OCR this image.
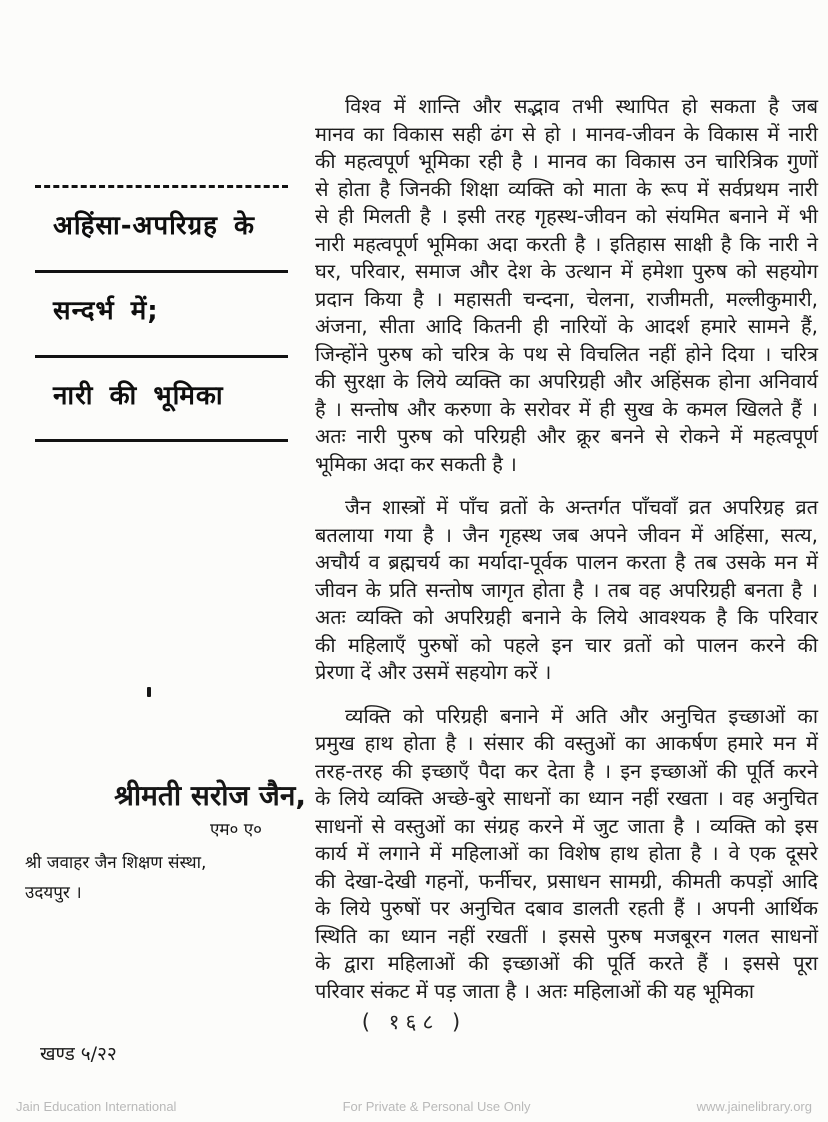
अहिंसा-अपरिग्रह के
सन्दर्भ में;
नारी की भूमिका
श्रीमती सरोज जैन,
एम० ए०
श्री जवाहर जैन शिक्षण संस्था,
उदयपुर ।
विश्व में शान्ति और सद्भाव तभी स्थापित हो सकता है जब
मानव का विकास सही ढंग से हो । मानव-जीवन के विकास में नारी
की महत्वपूर्ण भूमिका रही है । मानव का विकास उन चारित्रिक गुणों
से होता है जिनकी शिक्षा व्यक्ति को माता के रूप में सर्वप्रथम नारी
से ही मिलती है । इसी तरह गृहस्थ-जीवन को संयमित बनाने में भी
नारी महत्वपूर्ण भूमिका अदा करती है । इतिहास साक्षी है कि नारी ने
घर, परिवार, समाज और देश के उत्थान में हमेशा पुरुष को सहयोग
प्रदान किया है । महासती चन्दना, चेलना, राजीमती, मल्लीकुमारी,
अंजना, सीता आदि कितनी ही नारियों के आदर्श हमारे सामने हैं,
जिन्होंने पुरुष को चरित्र के पथ से विचलित नहीं होने दिया । चरित्र
की सुरक्षा के लिये व्यक्ति का अपरिग्रही और अहिंसक होना अनिवार्य
है । सन्तोष और करुणा के सरोवर में ही सुख के कमल खिलते हैं ।
अतः नारी पुरुष को परिग्रही और क्रूर बनने से रोकने में महत्वपूर्ण
भूमिका अदा कर सकती है ।
जैन शास्त्रों में पाँच व्रतों के अन्तर्गत पाँचवाँ व्रत अपरिग्रह व्रत
बतलाया गया है । जैन गृहस्थ जब अपने जीवन में अहिंसा, सत्य,
अचौर्य व ब्रह्मचर्य का मर्यादा-पूर्वक पालन करता है तब उसके मन में
जीवन के प्रति सन्तोष जागृत होता है । तब वह अपरिग्रही बनता है ।
अतः व्यक्ति को अपरिग्रही बनाने के लिये आवश्यक है कि परिवार
की महिलाएँ पुरुषों को पहले इन चार व्रतों को पालन करने की
प्रेरणा दें और उसमें सहयोग करें ।
व्यक्ति को परिग्रही बनाने में अति और अनुचित इच्छाओं का
प्रमुख हाथ होता है । संसार की वस्तुओं का आकर्षण हमारे मन में
तरह-तरह की इच्छाएँ पैदा कर देता है । इन इच्छाओं की पूर्ति करने
के लिये व्यक्ति अच्छे-बुरे साधनों का ध्यान नहीं रखता । वह अनुचित
साधनों से वस्तुओं का संग्रह करने में जुट जाता है । व्यक्ति को इस
कार्य में लगाने में महिलाओं का विशेष हाथ होता है । वे एक दूसरे
की देखा-देखी गहनों, फर्नीचर, प्रसाधन सामग्री, कीमती कपड़ों आदि
के लिये पुरुषों पर अनुचित दबाव डालती रहती हैं । अपनी आर्थिक
स्थिति का ध्यान नहीं रखतीं । इससे पुरुष मजबूरन गलत साधनों
के द्वारा महिलाओं की इच्छाओं की पूर्ति करते हैं । इससे पूरा
परिवार संकट में पड़ जाता है । अतः महिलाओं की यह भूमिका
( १६८ )
खण्ड ५/२२
Jain Education International	For Private & Personal Use Only	www.jainelibrary.org
